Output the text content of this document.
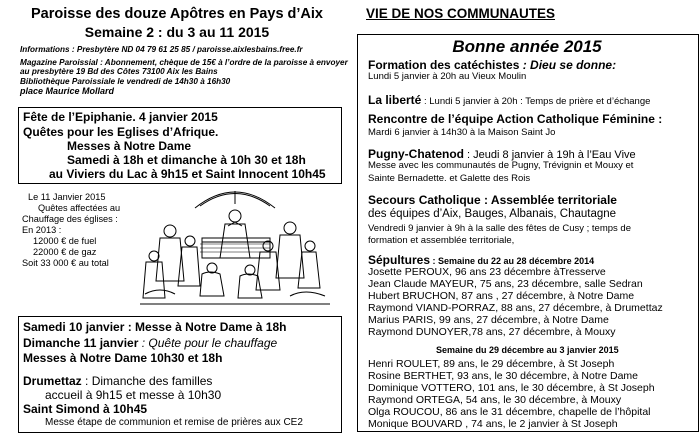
Paroisse des douze Apôtres en Pays d’Aix
Semaine 2 : du 3 au 11 2015
Informations : Presbytère ND 04 79 61 25 85 / paroisse.aixlesbains.free.fr
Magazine Paroissial : Abonnement, chèque de 15€ à l’ordre de la paroisse à envoyer
au presbytère 19 Bd des Côtes 73100 Aix les Bains
Bibliothèque Paroissiale le vendredi de 14h30 à 16h30
place Maurice Mollard
Fête de l’Epiphanie. 4 janvier 2015
Quêtes pour les Eglises d’Afrique.
Messes à Notre Dame
Samedi à 18h et dimanche à 10h 30 et 18h
au Viviers du Lac à 9h15 et Saint Innocent 10h45
Le 11 Janvier 2015
Quêtes affectées au
Chauffage des églises :
En 2013 :
12000 € de fuel
22000 € de gaz
Soit 33 000 € au total
Samedi 10 janvier : Messe à Notre Dame à 18h
Dimanche 11 janvier : Quête pour le chauffage
Messes à Notre Dame 10h30 et 18h
Drumettaz : Dimanche des familles
accueil à 9h15 et messe à 10h30
Saint Simond à 10h45
Messe étape de communion et remise de prières aux CE2
VIE DE NOS COMMUNAUTES
Bonne année 2015
Formation des catéchistes : Dieu se donne:
Lundi 5 janvier à 20h au Vieux Moulin
La liberté : Lundi 5 janvier à 20h : Temps de prière et d’échange
Rencontre de l’équipe Action Catholique Féminine :
Mardi 6 janvier à 14h30 à la Maison Saint Jo
Pugny-Chatenod : Jeudi 8 janvier à 19h à l’Eau Vive
Messe avec les communautés de Pugny, Trévignin et Mouxy et
Sainte Bernadette. et Galette des Rois
Secours Catholique : Assemblée territoriale
des équipes d’Aix, Bauges, Albanais, Chautagne
Vendredi 9 janvier à 9h à la salle des fêtes de Cusy ; temps de
formation et assemblée territoriale,
Sépultures : Semaine du 22 au 28 décembre 2014
Josette PEROUX, 96 ans 23 décembre àTresserve
Jean Claude MAYEUR, 75 ans, 23 décembre, salle Sedran
Hubert BRUCHON, 87 ans , 27 décembre, à Notre Dame
Raymond VIAND-PORRAZ, 88 ans, 27 décembre, à Drumettaz
Marius PARIS, 99 ans, 27 décembre, à Notre Dame
Raymond DUNOYER,78 ans, 27 décembre, à Mouxy
Semaine du 29 décembre au 3 janvier 2015
Henri ROULET, 89 ans, le 29 décembre, à St Joseph
Rosine BERTHET, 93 ans, le 30 décembre, à Notre Dame
Dominique VOTTERO, 101 ans, le 30 décembre, à St Joseph
Raymond ORTEGA, 54 ans, le 30 décembre, à Mouxy
Olga ROUCOU, 86 ans le 31 décembre, chapelle de l’hôpital
Monique BOUVARD , 74 ans, le 2 janvier à St Joseph
